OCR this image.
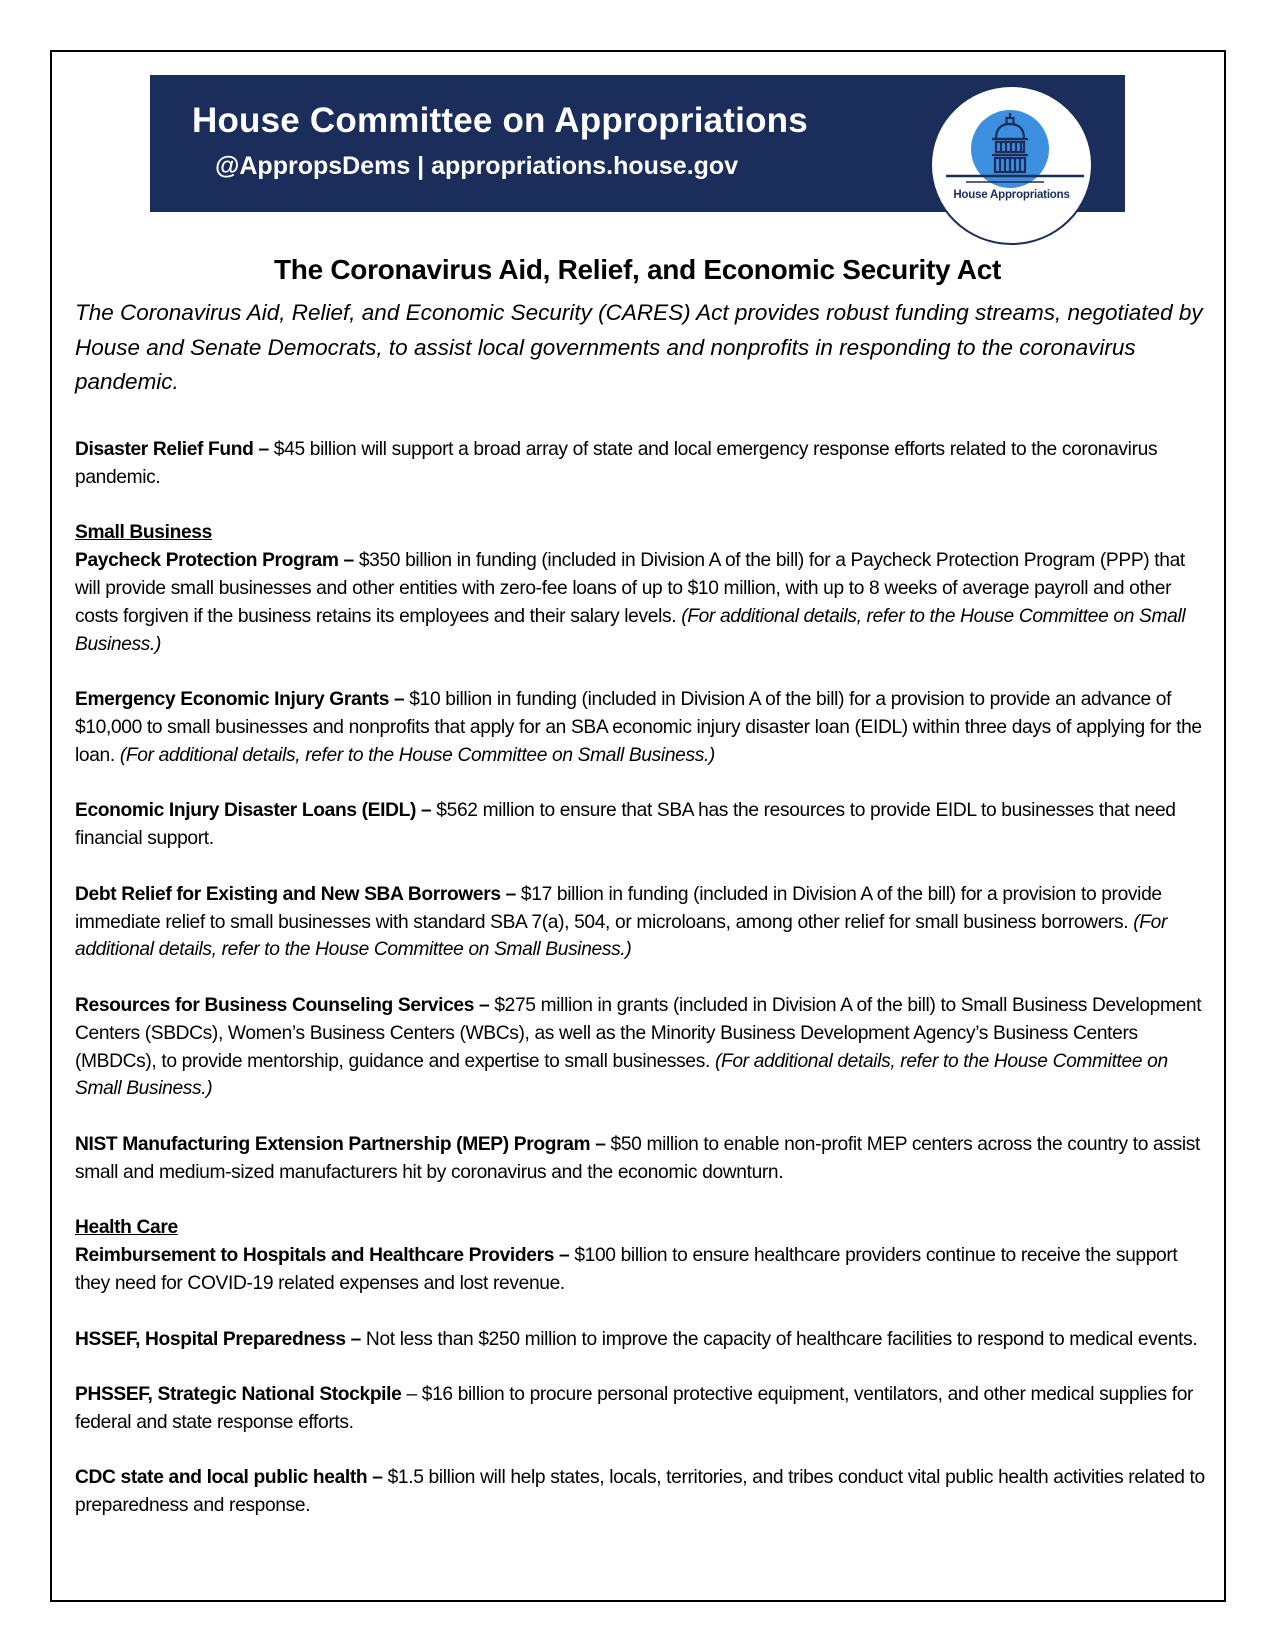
House Committee on Appropriations
@AppropsDems | appropriations.house.gov
House Appropriations
The Coronavirus Aid, Relief, and Economic Security Act
The Coronavirus Aid, Relief, and Economic Security (CARES) Act provides robust funding streams, negotiated by House and Senate Democrats, to assist local governments and nonprofits in responding to the coronavirus pandemic.

Disaster Relief Fund – $45 billion will support a broad array of state and local emergency response efforts related to the coronavirus pandemic.

Small Business

Paycheck Protection Program – $350 billion in funding (included in Division A of the bill) for a Paycheck Protection Program (PPP) that will provide small businesses and other entities with zero-fee loans of up to $10 million, with up to 8 weeks of average payroll and other costs forgiven if the business retains its employees and their salary levels. (For additional details, refer to the House Committee on Small Business.)

Emergency Economic Injury Grants – $10 billion in funding (included in Division A of the bill) for a provision to provide an advance of $10,000 to small businesses and nonprofits that apply for an SBA economic injury disaster loan (EIDL) within three days of applying for the loan. (For additional details, refer to the House Committee on Small Business.)

Economic Injury Disaster Loans (EIDL) – $562 million to ensure that SBA has the resources to provide EIDL to businesses that need financial support.

Debt Relief for Existing and New SBA Borrowers – $17 billion in funding (included in Division A of the bill) for a provision to provide immediate relief to small businesses with standard SBA 7(a), 504, or microloans, among other relief for small business borrowers. (For additional details, refer to the House Committee on Small Business.)

Resources for Business Counseling Services – $275 million in grants (included in Division A of the bill) to Small Business Development Centers (SBDCs), Women’s Business Centers (WBCs), as well as the Minority Business Development Agency’s Business Centers (MBDCs), to provide mentorship, guidance and expertise to small businesses. (For additional details, refer to the House Committee on Small Business.)

NIST Manufacturing Extension Partnership (MEP) Program – $50 million to enable non-profit MEP centers across the country to assist small and medium-sized manufacturers hit by coronavirus and the economic downturn.

Health Care

Reimbursement to Hospitals and Healthcare Providers – $100 billion to ensure healthcare providers continue to receive the support they need for COVID-19 related expenses and lost revenue.

HSSEF, Hospital Preparedness – Not less than $250 million to improve the capacity of healthcare facilities to respond to medical events.

PHSSEF, Strategic National Stockpile – $16 billion to procure personal protective equipment, ventilators, and other medical supplies for federal and state response efforts.

CDC state and local public health – $1.5 billion will help states, locals, territories, and tribes conduct vital public health activities related to preparedness and response.
